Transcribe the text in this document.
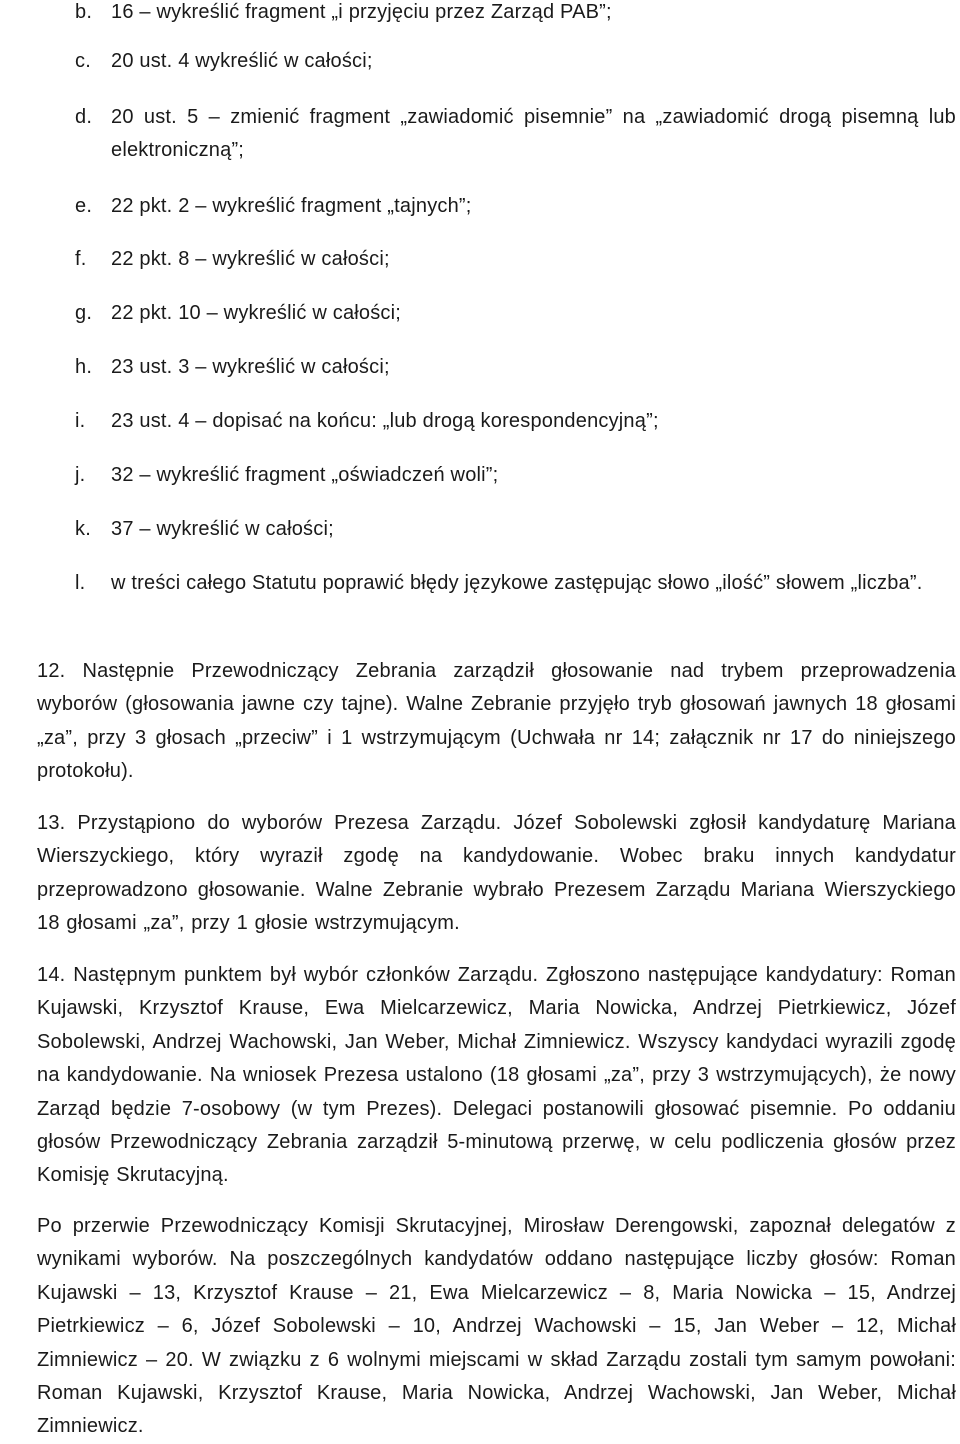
b. 16 – wykreślić fragment „i przyjęciu przez Zarząd PAB”;
c. 20 ust. 4 wykreślić w całości;
d. 20 ust. 5 – zmienić fragment „zawiadomić pisemnie” na „zawiadomić drogą pisemną lub elektroniczną”;
e. 22 pkt. 2 – wykreślić fragment „tajnych”;
f. 22 pkt. 8 – wykreślić w całości;
g. 22 pkt. 10 – wykreślić w całości;
h. 23 ust. 3 – wykreślić w całości;
i. 23 ust. 4 – dopisać na końcu: „lub drogą korespondencyjną”;
j. 32 – wykreślić fragment „oświadczeń woli”;
k. 37 – wykreślić w całości;
l. w treści całego Statutu poprawić błędy językowe zastępując słowo „ilość” słowem „liczba”.
12. Następnie Przewodniczący Zebrania zarządził głosowanie nad trybem przeprowadzenia wyborów (głosowania jawne czy tajne). Walne Zebranie przyjęło tryb głosowań jawnych 18 głosami „za”, przy 3 głosach „przeciw” i 1 wstrzymującym (Uchwała nr 14; załącznik nr 17 do niniejszego protokołu).
13. Przystąpiono do wyborów Prezesa Zarządu. Józef Sobolewski zgłosił kandydaturę Mariana Wierszyckiego, który wyraził zgodę na kandydowanie. Wobec braku innych kandydatur przeprowadzono głosowanie. Walne Zebranie wybrało Prezesem Zarządu Mariana Wierszyckiego 18 głosami „za”, przy 1 głosie wstrzymującym.
14. Następnym punktem był wybór członków Zarządu. Zgłoszono następujące kandydatury: Roman Kujawski, Krzysztof Krause, Ewa Mielcarzewicz, Maria Nowicka, Andrzej Pietrkiewicz, Józef Sobolewski, Andrzej Wachowski, Jan Weber, Michał Zimniewicz. Wszyscy kandydaci wyrazili zgodę na kandydowanie. Na wniosek Prezesa ustalono (18 głosami „za”, przy 3 wstrzymujących), że nowy Zarząd będzie 7-osobowy (w tym Prezes). Delegaci postanowili głosować pisemnie. Po oddaniu głosów Przewodniczący Zebrania zarządził 5-minutową przerwę, w celu podliczenia głosów przez Komisję Skrutacyjną.
Po przerwie Przewodniczący Komisji Skrutacyjnej, Mirosław Derengowski, zapoznał delegatów z wynikami wyborów. Na poszczególnych kandydatów oddano następujące liczby głosów: Roman Kujawski – 13, Krzysztof Krause – 21, Ewa Mielcarzewicz – 8, Maria Nowicka – 15, Andrzej Pietrkiewicz – 6, Józef Sobolewski – 10, Andrzej Wachowski – 15, Jan Weber – 12, Michał Zimniewicz – 20. W związku z 6 wolnymi miejscami w skład Zarządu zostali tym samym powołani: Roman Kujawski, Krzysztof Krause, Maria Nowicka, Andrzej Wachowski, Jan Weber, Michał Zimniewicz.
